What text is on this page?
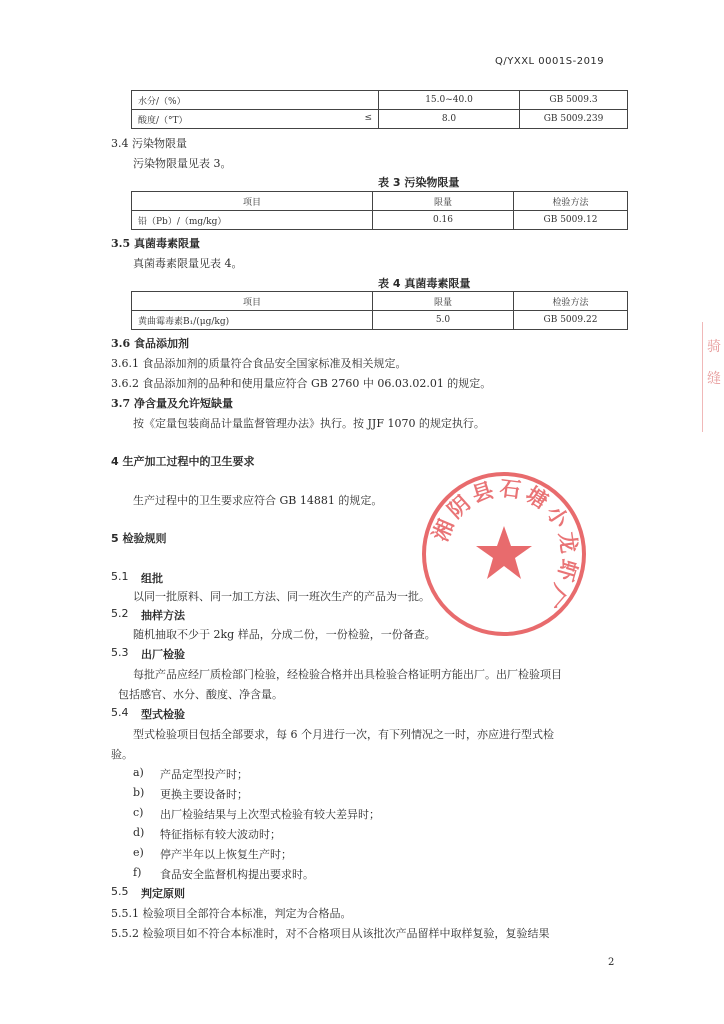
Q/YXXL 0001S-2019
水分/（%）	15.0~40.0	GB 5009.3
酸度/（°T） ≤	8.0	GB 5009.239
3.4 污染物限量
污染物限量见表 3。
表 3 污染物限量
项目	限量	检验方法
铅（Pb）/（mg/kg）	0.16	GB 5009.12
3.5 真菌毒素限量
真菌毒素限量见表 4。
表 4 真菌毒素限量
项目	限量	检验方法
黄曲霉毒素B₁/(μg/kg)	5.0	GB 5009.22
3.6 食品添加剂
3.6.1 食品添加剂的质量符合食品安全国家标准及相关规定。
3.6.2 食品添加剂的品种和使用量应符合 GB 2760 中 06.03.02.01 的规定。
3.7 净含量及允许短缺量
按《定量包装商品计量监督管理办法》执行。按 JJF 1070 的规定执行。
4 生产加工过程中的卫生要求
生产过程中的卫生要求应符合 GB 14881 的规定。
5 检验规则
5.1 组批
以同一批原料、同一加工方法、同一班次生产的产品为一批。
5.2 抽样方法
随机抽取不少于 2kg 样品，分成二份，一份检验，一份备查。
5.3 出厂检验
每批产品应经厂质检部门检验，经检验合格并出具检验合格证明方能出厂。出厂检验项目
包括感官、水分、酸度、净含量。
5.4 型式检验
型式检验项目包括全部要求，每 6 个月进行一次，有下列情况之一时，亦应进行型式检
验。
a) 产品定型投产时；
b) 更换主要设备时；
c) 出厂检验结果与上次型式检验有较大差异时；
d) 特征指标有较大波动时；
e) 停产半年以上恢复生产时；
f) 食品安全监督机构提出要求时。
5.5 判定原则
5.5.1 检验项目全部符合本标准，判定为合格品。
5.5.2 检验项目如不符合本标准时，对不合格项目从该批次产品留样中取样复验，复验结果
湘阴县石塘小龙虾厂
骑
缝
2
